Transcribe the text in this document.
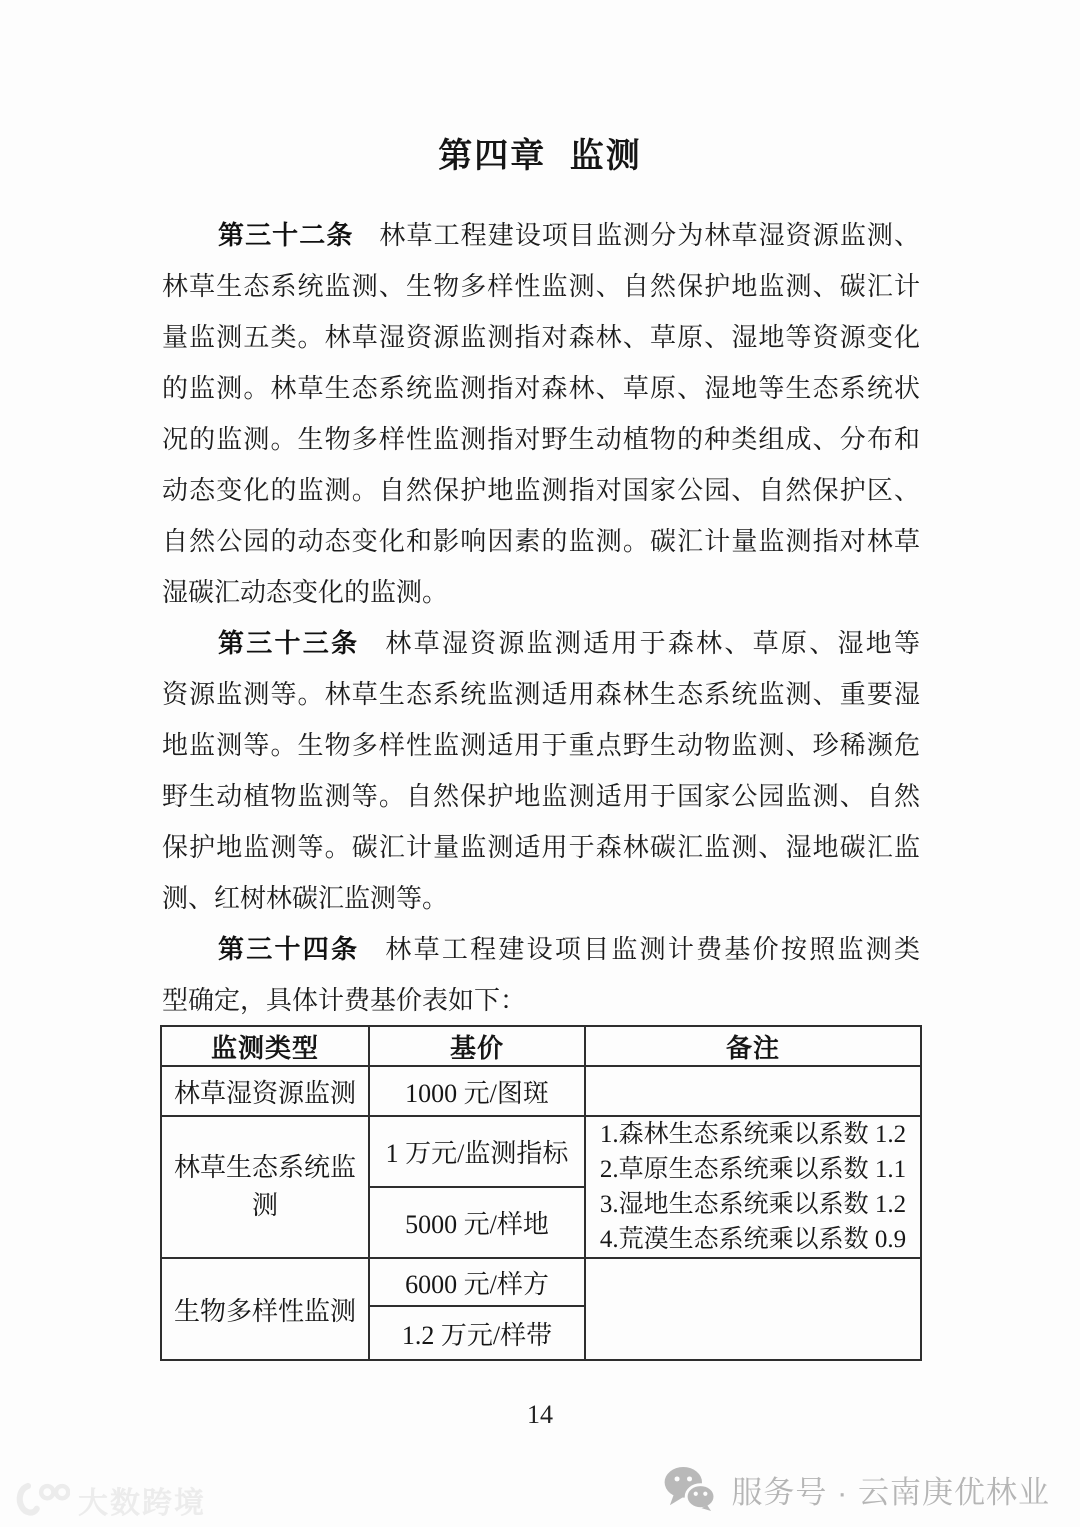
第四章 监测
第三十二条 林草工程建设项目监测分为林草湿资源监测、
林草生态系统监测、生物多样性监测、自然保护地监测、碳汇计
量监测五类。林草湿资源监测指对森林、草原、湿地等资源变化
的监测。林草生态系统监测指对森林、草原、湿地等生态系统状
况的监测。生物多样性监测指对野生动植物的种类组成、分布和
动态变化的监测。自然保护地监测指对国家公园、自然保护区、
自然公园的动态变化和影响因素的监测。碳汇计量监测指对林草
湿碳汇动态变化的监测。
第三十三条 林草湿资源监测适用于森林、草原、湿地等
资源监测等。林草生态系统监测适用森林生态系统监测、重要湿
地监测等。生物多样性监测适用于重点野生动物监测、珍稀濒危
野生动植物监测等。自然保护地监测适用于国家公园监测、自然
保护地监测等。碳汇计量监测适用于森林碳汇监测、湿地碳汇监
测、红树林碳汇监测等。
第三十四条 林草工程建设项目监测计费基价按照监测类
型确定，具体计费基价表如下：
监测类型	基价	备注
林草湿资源监测	1000 元/图斑	
林草生态系统监测	1 万元/监测指标	1.森林生态系统乘以系数 1.2
2.草原生态系统乘以系数 1.1
3.湿地生态系统乘以系数 1.2
4.荒漠生态系统乘以系数 0.9

	5000 元/样地	
生物多样性监测	6000 元/样方	
	1.2 万元/样带	
14
大数跨境	服务号 · 云南庚优林业
